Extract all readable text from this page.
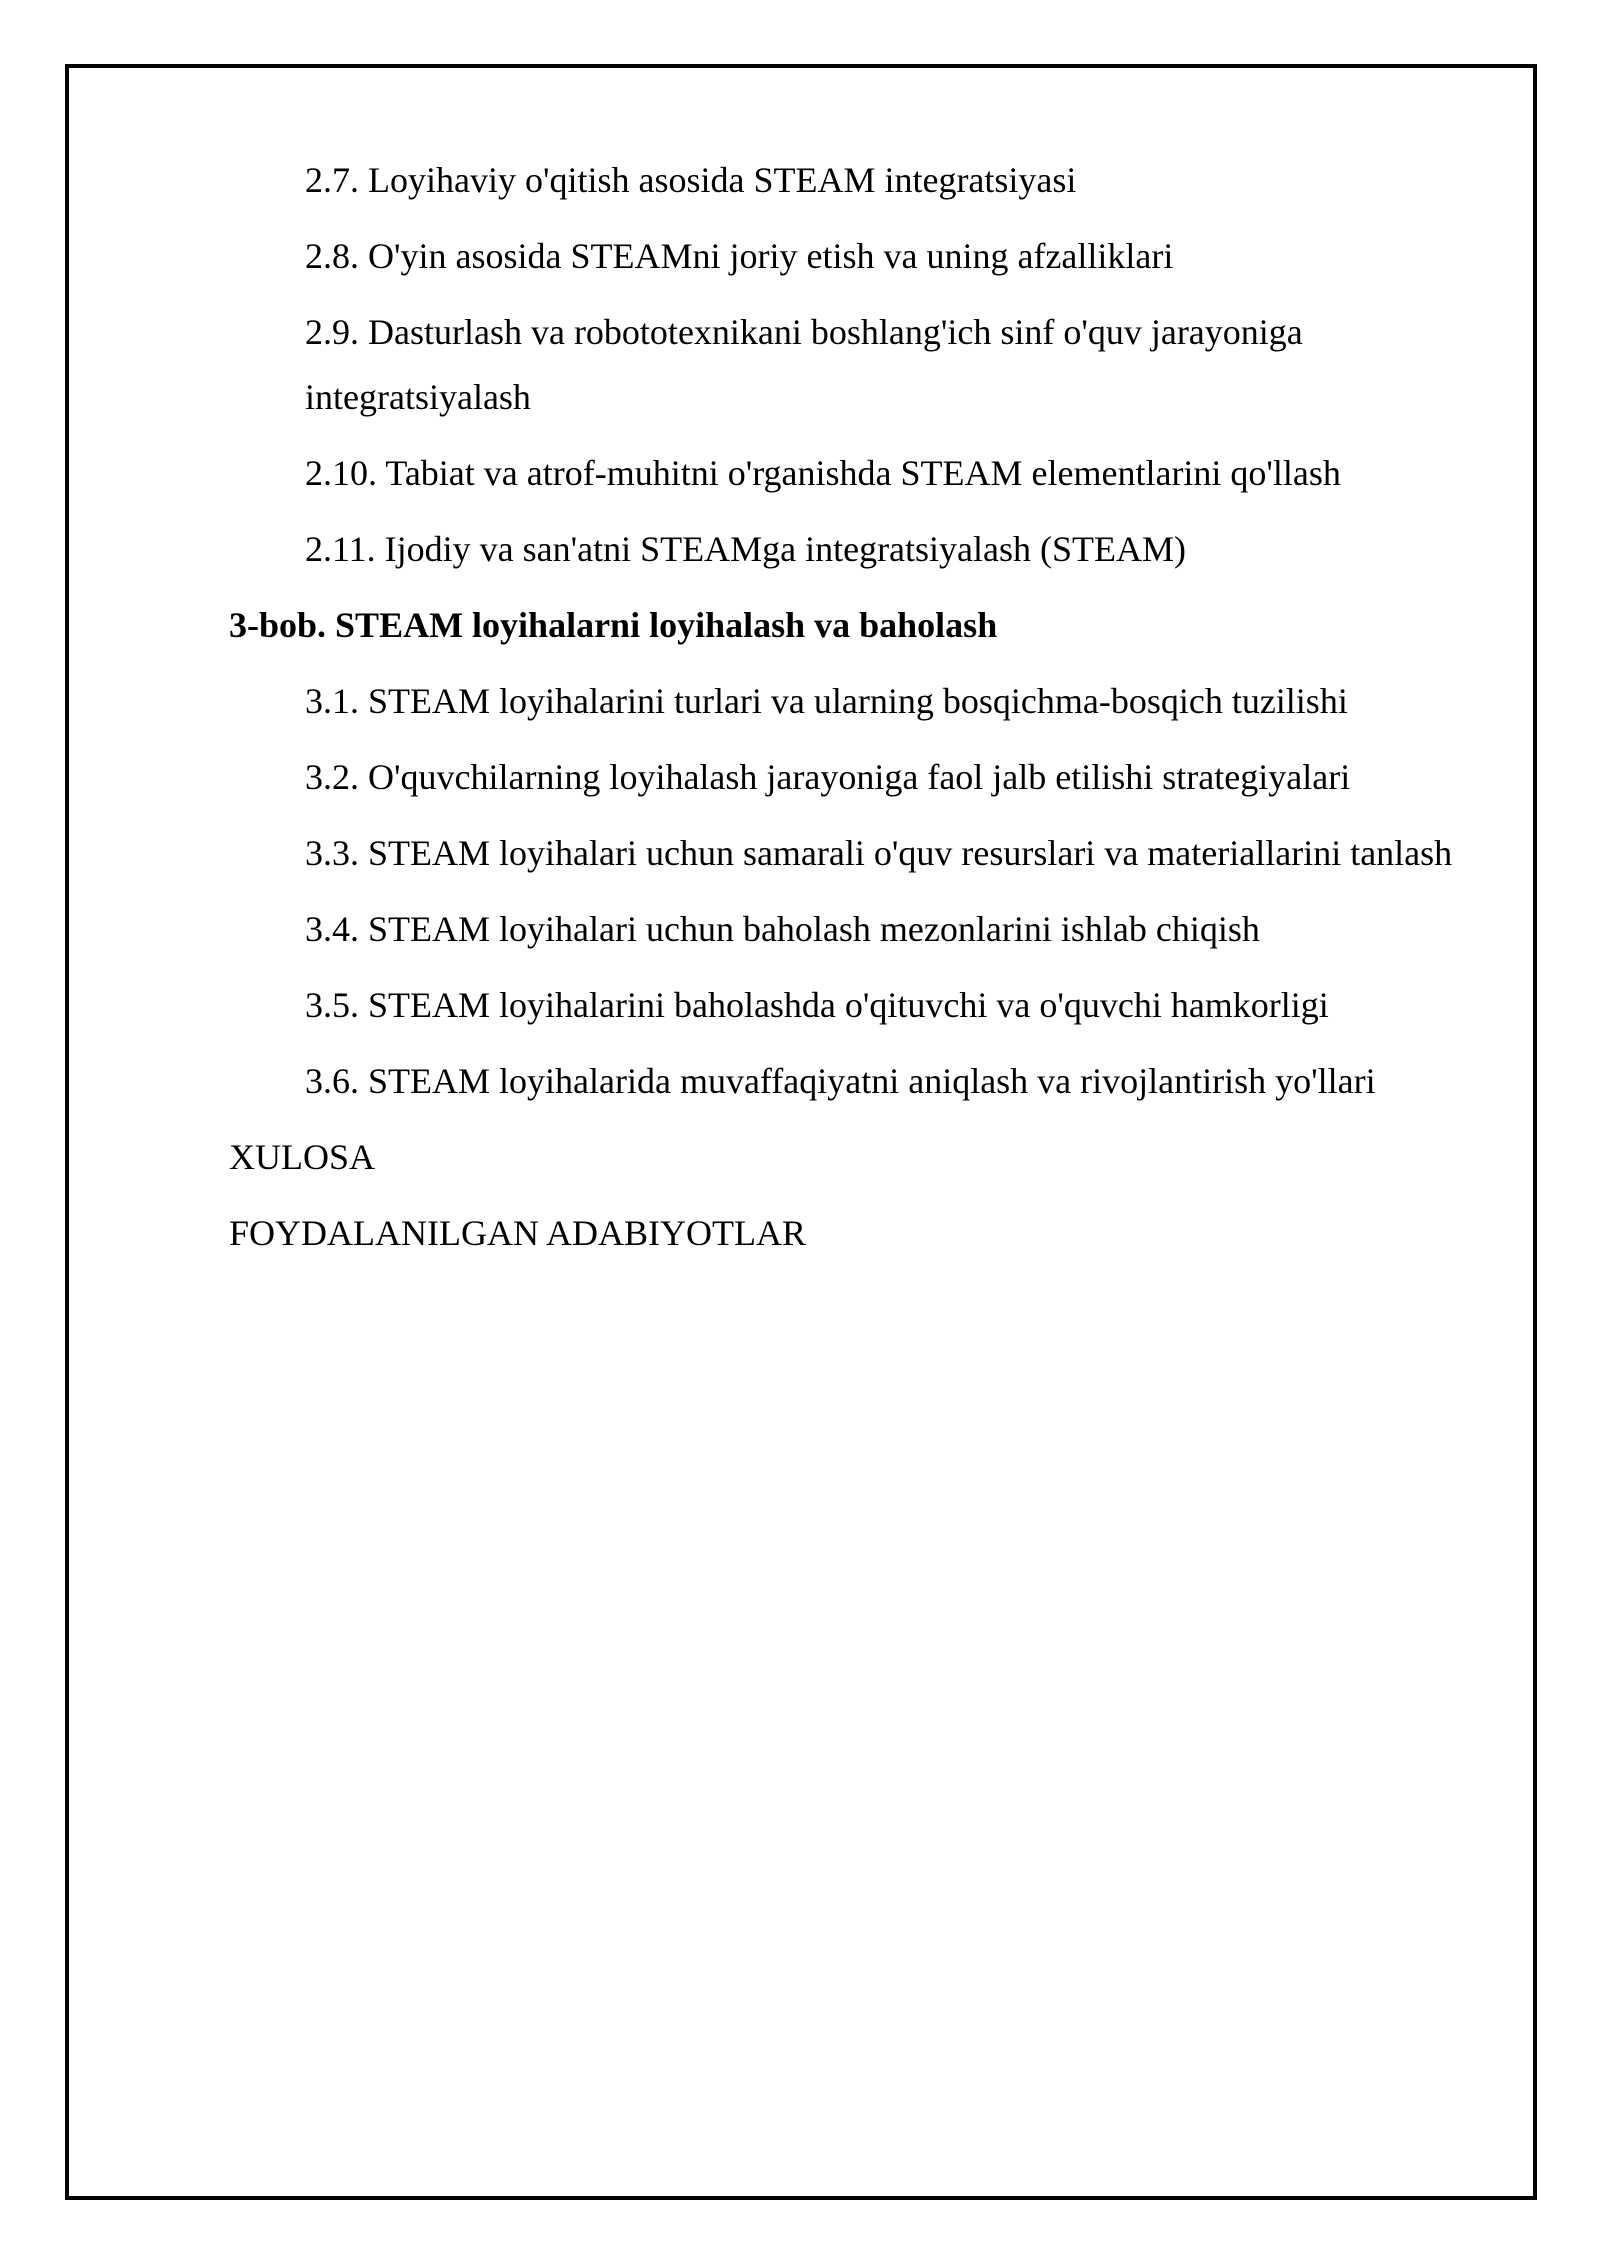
2.7. Loyihaviy o'qitish asosida STEAM integratsiyasi
2.8. O'yin asosida STEAMni joriy etish va uning afzalliklari
2.9. Dasturlash va robototexnikani boshlang'ich sinf o'quv jarayoniga integratsiyalash
2.10. Tabiat va atrof-muhitni o'rganishda STEAM elementlarini qo'llash
2.11. Ijodiy va san'atni STEAMga integratsiyalash (STEAM)
3-bob. STEAM loyihalarni loyihalash va baholash
3.1. STEAM loyihalarini turlari va ularning bosqichma-bosqich tuzilishi
3.2. O'quvchilarning loyihalash jarayoniga faol jalb etilishi strategiyalari
3.3. STEAM loyihalari uchun samarali o'quv resurslari va materiallarini tanlash
3.4. STEAM loyihalari uchun baholash mezonlarini ishlab chiqish
3.5. STEAM loyihalarini baholashda o'qituvchi va o'quvchi hamkorligi
3.6. STEAM loyihalarida muvaffaqiyatni aniqlash va rivojlantirish yo'llari
XULOSA
FOYDALANILGAN ADABIYOTLAR
